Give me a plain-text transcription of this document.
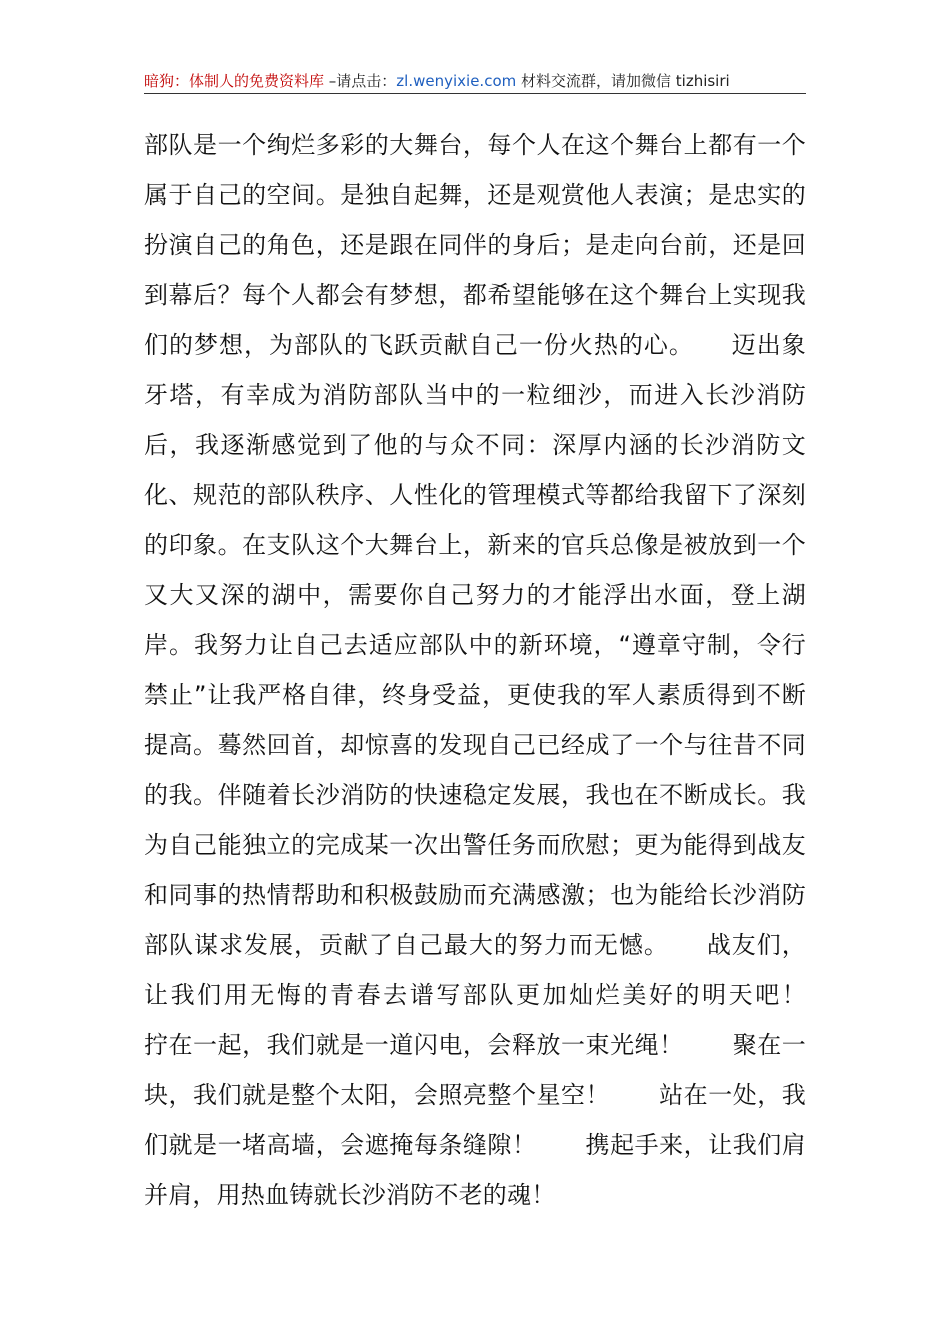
暗狗：体制人的免费资料库 –请点击：zl.wenyixie.com 材料交流群，请加微信 tizhisiri

部队是一个绚烂多彩的大舞台，每个人在这个舞台上都有一个属于自己的空间。是独自起舞，还是观赏他人表演；是忠实的扮演自己的角色，还是跟在同伴的身后；是走向台前，还是回到幕后？每个人都会有梦想，都希望能够在这个舞台上实现我们的梦想，为部队的飞跃贡献自己一份火热的心。　　迈出象牙塔，有幸成为消防部队当中的一粒细沙，而进入长沙消防后，我逐渐感觉到了他的与众不同：深厚内涵的长沙消防文化、规范的部队秩序、人性化的管理模式等都给我留下了深刻的印象。在支队这个大舞台上，新来的官兵总像是被放到一个又大又深的湖中，需要你自己努力的才能浮出水面，登上湖岸。我努力让自己去适应部队中的新环境，“遵章守制，令行禁止”让我严格自律，终身受益，更使我的军人素质得到不断提高。蓦然回首，却惊喜的发现自己已经成了一个与往昔不同的我。伴随着长沙消防的快速稳定发展，我也在不断成长。我为自己能独立的完成某一次出警任务而欣慰；更为能得到战友和同事的热情帮助和积极鼓励而充满感激；也为能给长沙消防部队谋求发展，贡献了自己最大的努力而无憾。　　战友们，让我们用无悔的青春去谱写部队更加灿烂美好的明天吧！　　拧在一起，我们就是一道闪电，会释放一束光绳！　　聚在一块，我们就是整个太阳，会照亮整个星空！　　站在一处，我们就是一堵高墙，会遮掩每条缝隙！　　携起手来，让我们肩并肩，用热血铸就长沙消防不老的魂！
